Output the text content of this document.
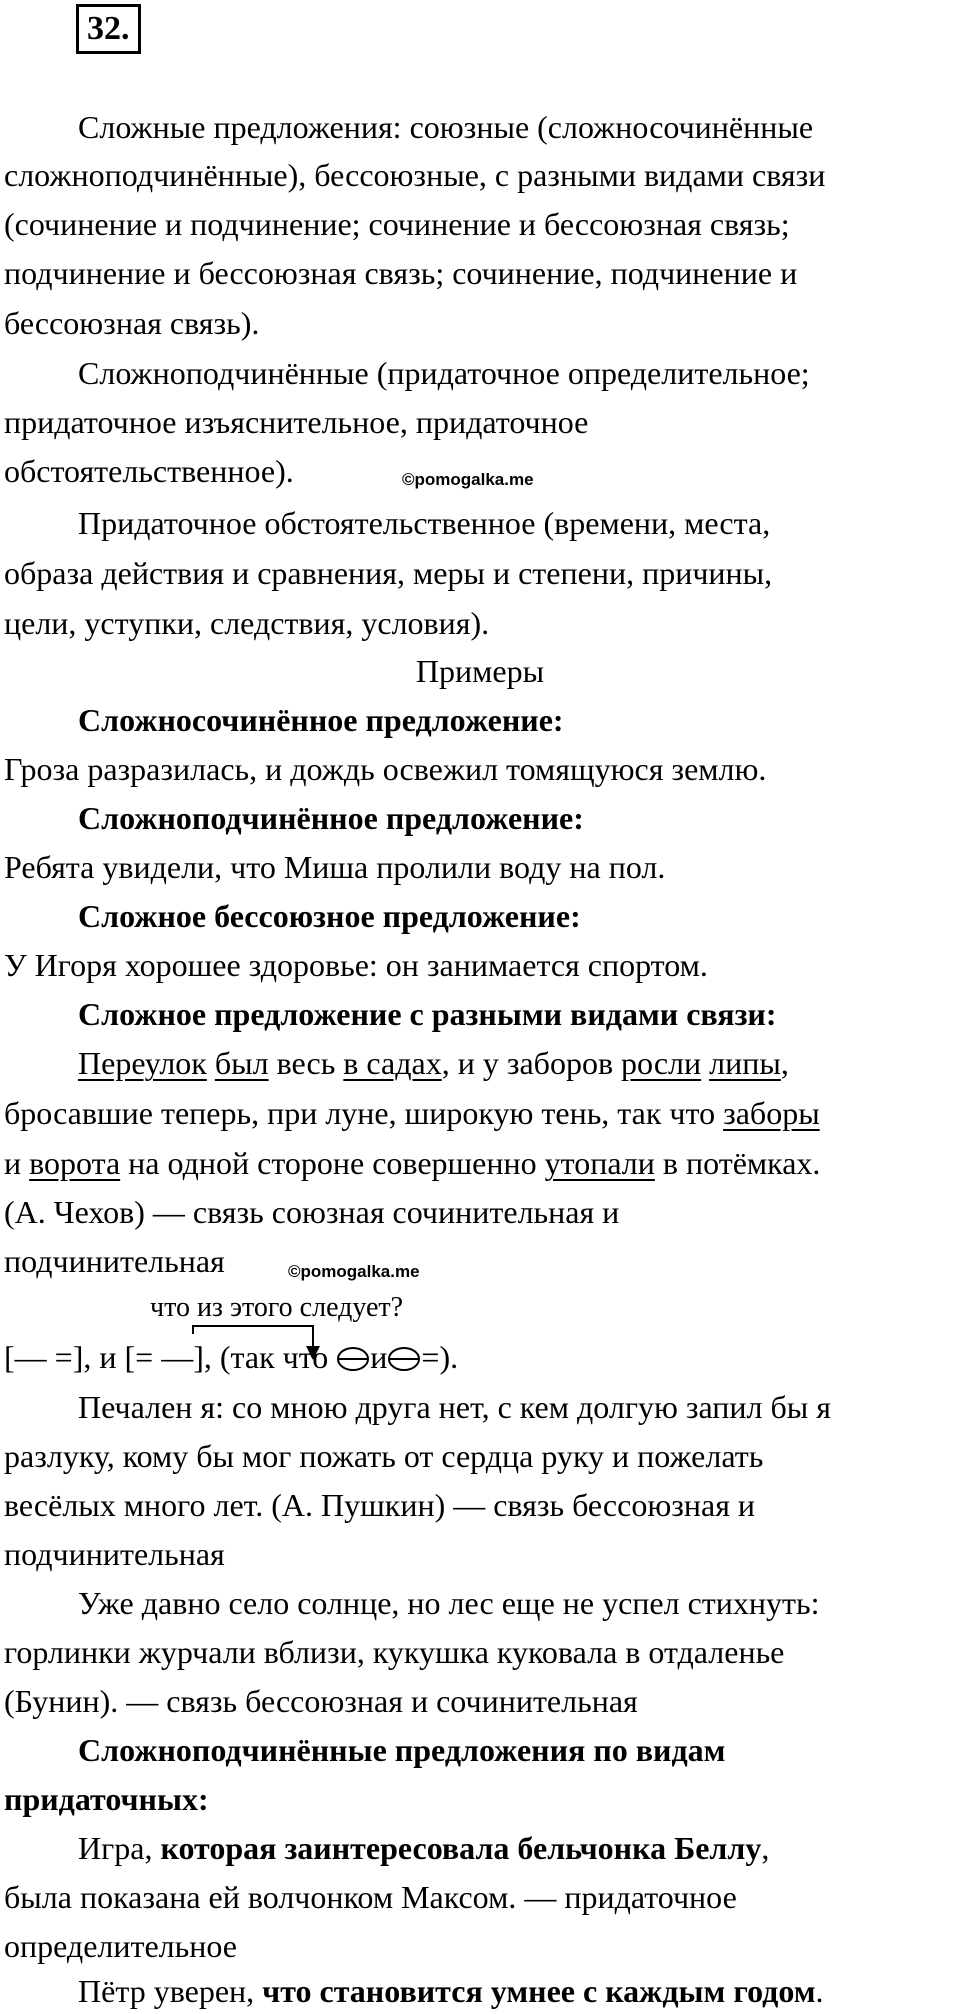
32.
Сложные предложения: союзные (сложносочинённые
сложноподчинённые), бессоюзные, с разными видами связи
(сочинение и подчинение; сочинение и бессоюзная связь;
подчинение и бессоюзная связь; сочинение, подчинение и
бессоюзная связь).
Сложноподчинённые (придаточное определительное;
придаточное изъяснительное, придаточное
обстоятельственное).	©pomogalka.me
Придаточное обстоятельственное (времени, места,
образа действия и сравнения, меры и степени, причины,
цели, уступки, следствия, условия).
Примеры
Сложносочинённое предложение:
Гроза разразилась, и дождь освежил томящуюся землю.
Сложноподчинённое предложение:
Ребята увидели, что Миша пролили воду на пол.
Сложное бессоюзное предложение:
У Игоря хорошее здоровье: он занимается спортом.
Сложное предложение с разными видами связи:
Переулок был весь в садах, и у заборов росли липы,
бросавшие теперь, при луне, широкую тень, так что заборы
и ворота на одной стороне совершенно утопали в потёмках.
(А. Чехов) — связь союзная сочинительная и
подчинительная	©pomogalka.me
что из этого следует?
[— =], и [= —], (так что и =).
Печален я: со мною друга нет, с кем долгую запил бы я
разлуку, кому бы мог пожать от сердца руку и пожелать
весёлых много лет. (А. Пушкин) — связь бессоюзная и
подчинительная
Уже давно село солнце, но лес еще не успел стихнуть:
горлинки журчали вблизи, кукушка куковала в отдаленье
(Бунин). — связь бессоюзная и сочинительная
Сложноподчинённые предложения по видам
придаточных:
Игра, которая заинтересовала бельчонка Беллу,
была показана ей волчонком Максом. — придаточное
определительное
Пётр уверен, что становится умнее с каждым годом.
